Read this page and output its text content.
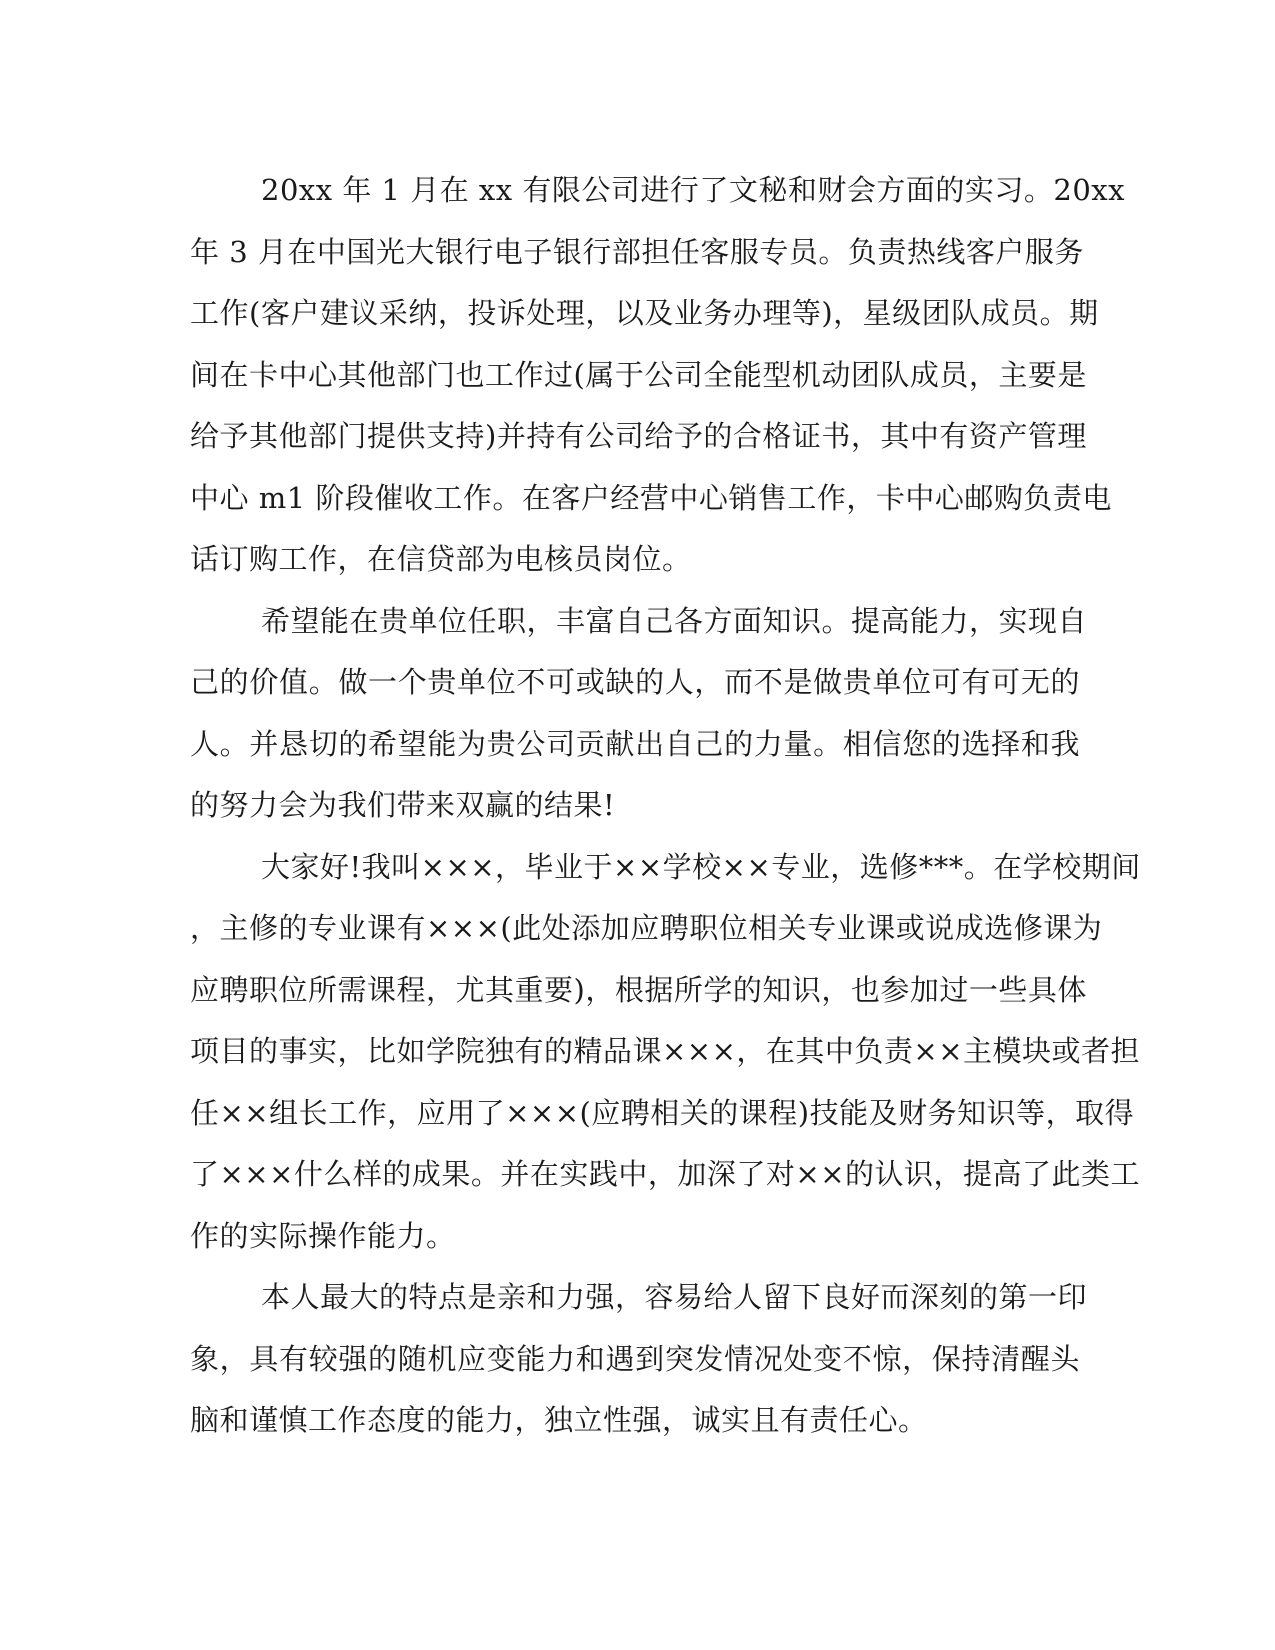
20xx 年 1 月在 xx 有限公司进行了文秘和财会方面的实习。20xx
年 3 月在中国光大银行电子银行部担任客服专员。负责热线客户服务
工作(客户建议采纳，投诉处理，以及业务办理等)，星级团队成员。期
间在卡中心其他部门也工作过(属于公司全能型机动团队成员，主要是
给予其他部门提供支持)并持有公司给予的合格证书，其中有资产管理
中心 m1 阶段催收工作。在客户经营中心销售工作，卡中心邮购负责电
话订购工作，在信贷部为电核员岗位。
希望能在贵单位任职，丰富自己各方面知识。提高能力，实现自
己的价值。做一个贵单位不可或缺的人，而不是做贵单位可有可无的
人。并恳切的希望能为贵公司贡献出自己的力量。相信您的选择和我
的努力会为我们带来双赢的结果!
大家好!我叫×××，毕业于××学校××专业，选修***。在学校期间
，主修的专业课有×××(此处添加应聘职位相关专业课或说成选修课为
应聘职位所需课程，尤其重要)，根据所学的知识，也参加过一些具体
项目的事实，比如学院独有的精品课×××，在其中负责××主模块或者担
任××组长工作，应用了×××(应聘相关的课程)技能及财务知识等，取得
了×××什么样的成果。并在实践中，加深了对××的认识，提高了此类工
作的实际操作能力。
本人最大的特点是亲和力强，容易给人留下良好而深刻的第一印
象，具有较强的随机应变能力和遇到突发情况处变不惊，保持清醒头
脑和谨慎工作态度的能力，独立性强，诚实且有责任心。
